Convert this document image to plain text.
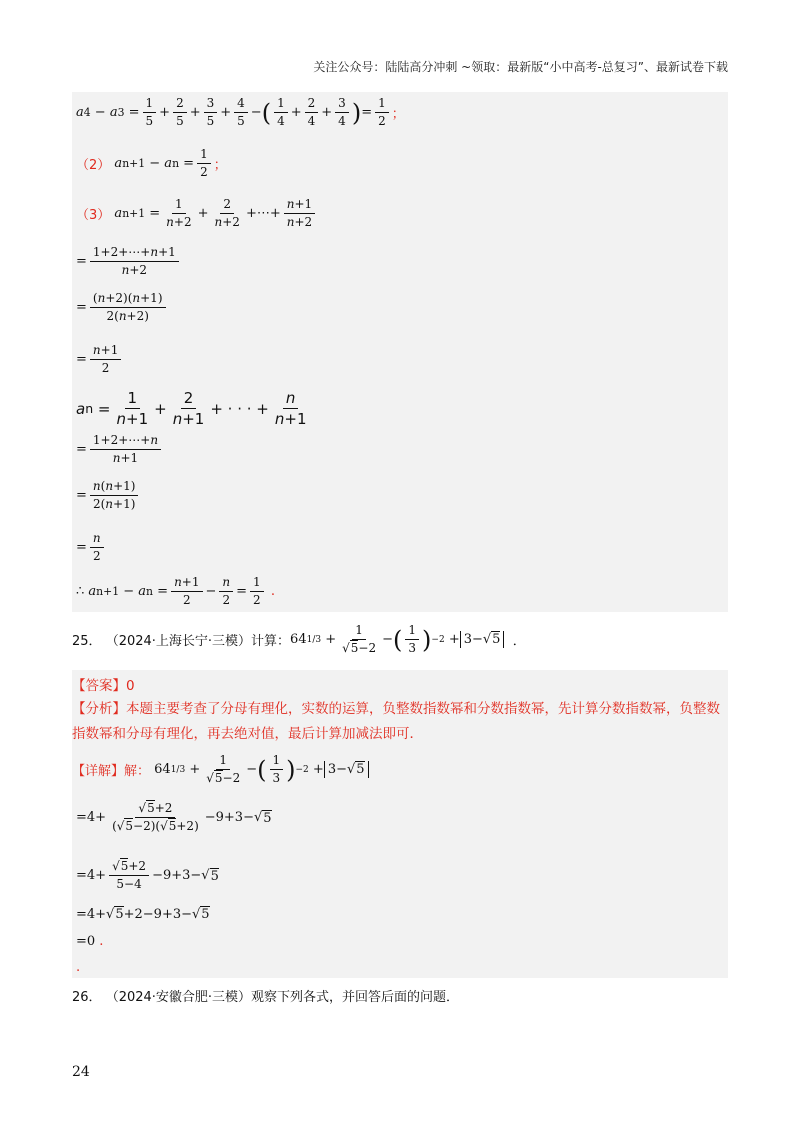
关注公众号：陆陆高分冲刺 ~领取：最新版“小中高考-总复习”、最新试卷下载
a 4 − a $3 = \frac{1}{5} + \frac{2}{5} + \frac{3}{5} + \frac{4}{5}$ − ( $\frac{1}{4} + \frac{2}{4} + \frac{3}{4}$ ) = $\frac{1}{2}$ ；
（2）
a n+1 − a $n = \frac{1}{2}$ ；
（3）
a $n+1 = \frac{1}{n+2} + \frac{2}{n+2}$ +⋯+ $\frac{n+1}{n+2}$
= $\frac{1+2+\cdots+n+1}{n+2}$
= $\frac{(n+2)(n+1)}{2(n+2)}$
= $\frac{n+1}{2}$
a $n = \frac{1}{n+1} + \frac{2}{n+1}$ + · · · + $\frac{n}{n+1}$
= $\frac{1+2+\cdots+n}{n+1}$
= $\frac{n(n+1)}{2(n+1)}$
= $\frac{n}{2}$
∴ a n+1 − a $n = \frac{n+1}{2} - \frac{n}{2} = \frac{1}{2}$
.
25．
（2024·上海长宁·三模）计算： 64 $1/3 + \frac{1}{√5-2}$ − ( $\frac{1}{3}$ ) −2 + 3−√5
．
【答案】0
【分析】本题主要考查了分母有理化，实数的运算，负整数指数幂和分数指数幂，先计算分数指数幂，负整数指数幂和分母有理化，再去绝对值，最后计算加减法即可．
【详解】解：
64 $1/3 + \frac{1}{√5-2}$ − ( $\frac{1}{3}$ ) −2 + 3−√5
$=4+ \frac{√5+2}{(√5-2)(√5+2)} -9+3-√$ 5
$=4+ \frac{√5+2}{5-4} -9+3-√$ 5
=4+√ 5 +2−9+3−√ 5
=0 .
.
26．
（2024·安徽合肥·三模）观察下列各式，并回答后面的问题．
24
